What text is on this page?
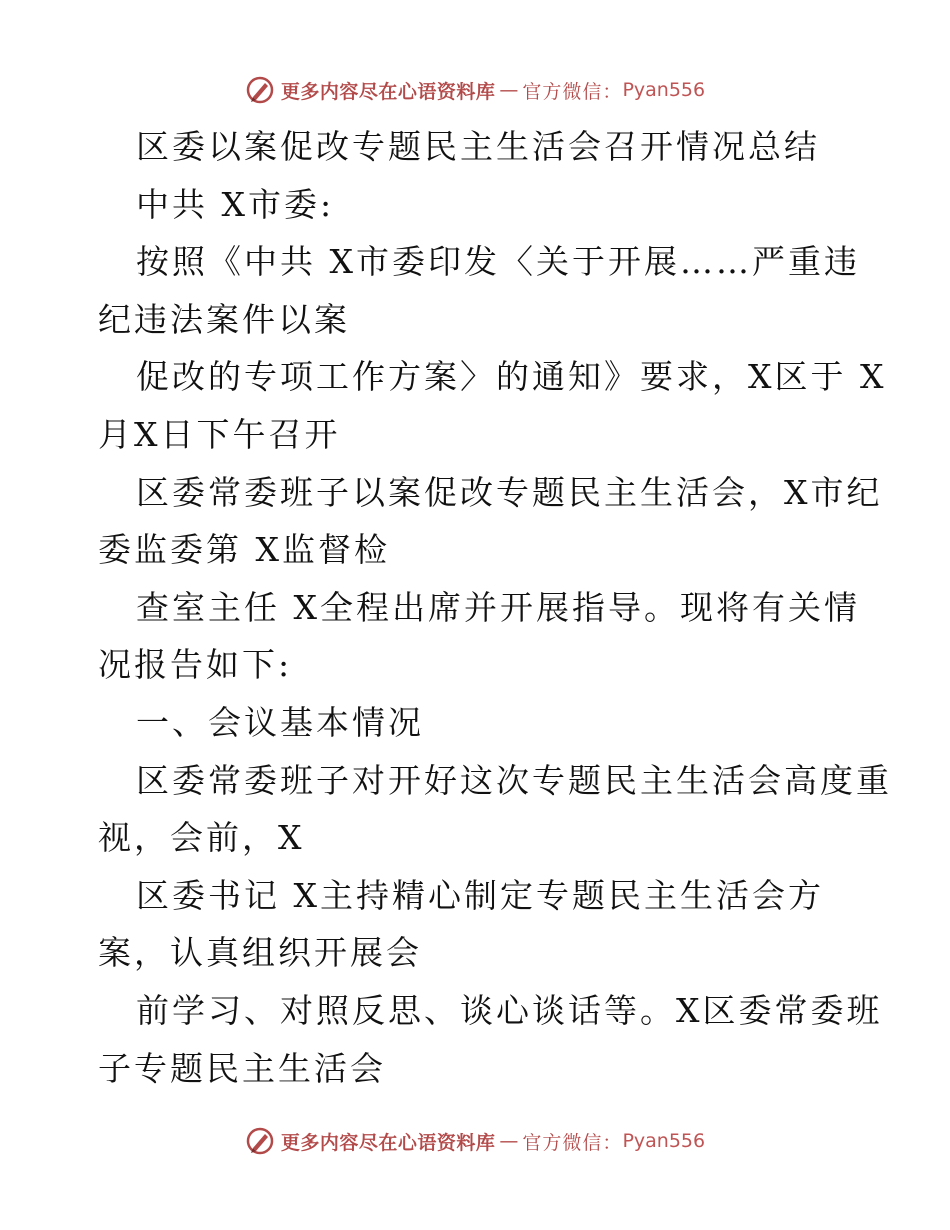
更多内容尽在心语资料库 — 官方微信： Pyan556
区委以案促改专题民主生活会召开情况总结
中共 X市委:
按照《中共 X市委印发〈关于开展……严重违
纪违法案件以案
促改的专项工作方案〉的通知》要求，X区于 X
月X日下午召开
区委常委班子以案促改专题民主生活会，X市纪
委监委第 X监督检
查室主任 X全程出席并开展指导。现将有关情
况报告如下:
一、会议基本情况
区委常委班子对开好这次专题民主生活会高度重
视，会前，X
区委书记 X主持精心制定专题民主生活会方
案，认真组织开展会
前学习、对照反思、谈心谈话等。X区委常委班
子专题民主生活会
更多内容尽在心语资料库 — 官方微信： Pyan556
